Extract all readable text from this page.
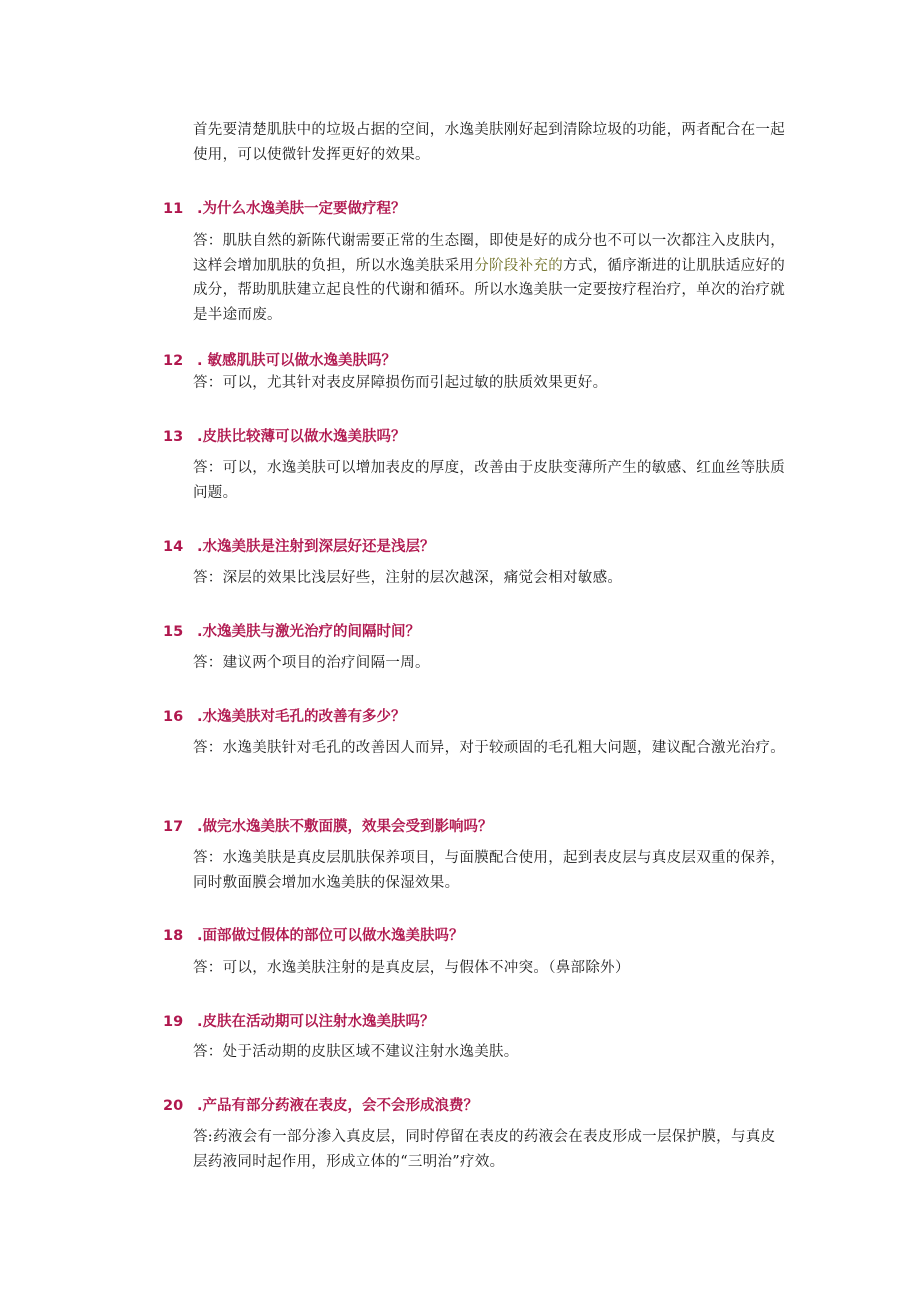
首先要清楚肌肤中的垃圾占据的空间，水逸美肤刚好起到清除垃圾的功能，两者配合在一起使用，可以使微针发挥更好的效果。

11 .为什么水逸美肤一定要做疗程？

答：肌肤自然的新陈代谢需要正常的生态圈，即使是好的成分也不可以一次都注入皮肤内，这样会增加肌肤的负担，所以水逸美肤采用分阶段补充的方式，循序渐进的让肌肤适应好的成分，帮助肌肤建立起良性的代谢和循环。所以水逸美肤一定要按疗程治疗，单次的治疗就是半途而废。

12 . 敏感肌肤可以做水逸美肤吗？

答：可以，尤其针对表皮屏障损伤而引起过敏的肤质效果更好。

13 .皮肤比较薄可以做水逸美肤吗？

答：可以，水逸美肤可以增加表皮的厚度，改善由于皮肤变薄所产生的敏感、红血丝等肤质问题。

14 .水逸美肤是注射到深层好还是浅层？

答：深层的效果比浅层好些，注射的层次越深，痛觉会相对敏感。

15 .水逸美肤与激光治疗的间隔时间？

答：建议两个项目的治疗间隔一周。

16 .水逸美肤对毛孔的改善有多少？

答：水逸美肤针对毛孔的改善因人而异，对于较顽固的毛孔粗大问题，建议配合激光治疗。

17 .做完水逸美肤不敷面膜，效果会受到影响吗？

答：水逸美肤是真皮层肌肤保养项目，与面膜配合使用，起到表皮层与真皮层双重的保养，同时敷面膜会增加水逸美肤的保湿效果。

18 .面部做过假体的部位可以做水逸美肤吗？

答：可以，水逸美肤注射的是真皮层，与假体不冲突。（鼻部除外）

19 .皮肤在活动期可以注射水逸美肤吗？

答：处于活动期的皮肤区域不建议注射水逸美肤。

20 .产品有部分药液在表皮，会不会形成浪费？

答:药液会有一部分渗入真皮层，同时停留在表皮的药液会在表皮形成一层保护膜，与真皮层药液同时起作用，形成立体的“三明治”疗效。
